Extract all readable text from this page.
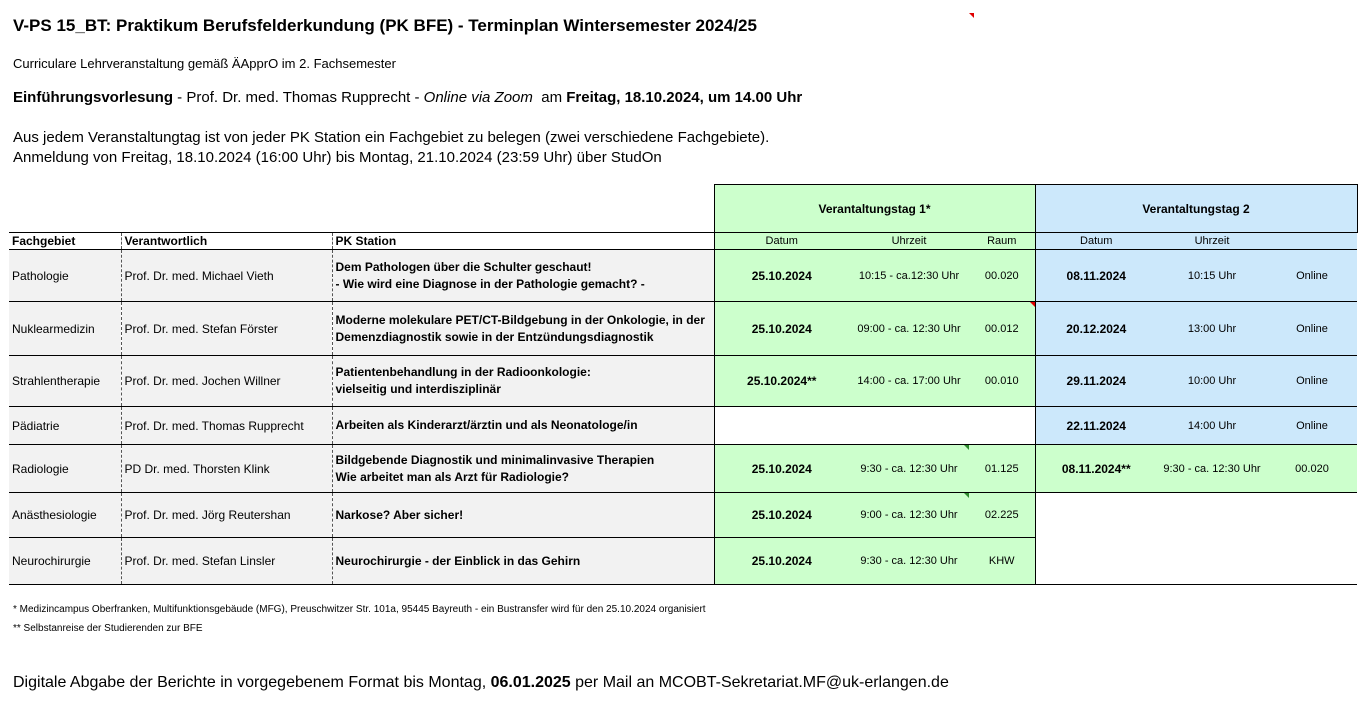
V-PS 15_BT: Praktikum Berufsfelderkundung (PK BFE) - Terminplan Wintersemester 2024/25
Curriculare Lehrveranstaltung gemäß ÄApprO im 2. Fachsemester
Einführungsvorlesung - Prof. Dr. med. Thomas Rupprecht - Online via Zoom  am Freitag, 18.10.2024, um 14.00 Uhr
Aus jedem Veranstaltungtag ist von jeder PK Station ein Fachgebiet zu belegen (zwei verschiedene Fachgebiete).
Anmeldung von Freitag, 18.10.2024 (16:00 Uhr) bis Montag, 21.10.2024 (23:59 Uhr) über StudOn
			Verantaltungstag 1*			Verantaltungstag 2		
Fachgebiet	Verantwortlich	PK Station	Datum	Uhrzeit	Raum	Datum	Uhrzeit	
Pathologie	Prof. Dr. med. Michael Vieth	Dem Pathologen über die Schulter geschaut!
- Wie wird eine Diagnose in der Pathologie gemacht? -	25.10.2024	10:15 - ca.12:30 Uhr	00.020	08.11.2024	10:15 Uhr	Online
Nuklearmedizin	Prof. Dr. med. Stefan Förster	Moderne molekulare PET/CT-Bildgebung in der Onkologie, in der
Demenzdiagnostik sowie in der Entzündungsdiagnostik	25.10.2024	09:00 - ca. 12:30 Uhr	00.012	20.12.2024	13:00 Uhr	Online
Strahlentherapie	Prof. Dr. med. Jochen Willner	Patientenbehandlung in der Radioonkologie:
vielseitig und interdisziplinär	25.10.2024**	14:00 - ca. 17:00 Uhr	00.010	29.11.2024	10:00 Uhr	Online
Pädiatrie	Prof. Dr. med. Thomas Rupprecht	Arbeiten als Kinderarzt/ärztin und als Neonatologe/in				22.11.2024	14:00 Uhr	Online
Radiologie	PD Dr. med. Thorsten Klink	Bildgebende Diagnostik und minimalinvasive Therapien
Wie arbeitet man als Arzt für Radiologie?	25.10.2024	9:30 - ca. 12:30 Uhr	01.125	08.11.2024**	9:30 - ca. 12:30 Uhr	00.020
Anästhesiologie	Prof. Dr. med. Jörg Reutershan	Narkose? Aber sicher!	25.10.2024	9:00 - ca. 12:30 Uhr	02.225			
Neurochirurgie	Prof. Dr. med. Stefan Linsler	Neurochirurgie - der Einblick in das Gehirn	25.10.2024	9:30 - ca. 12:30 Uhr	KHW			
* Medizincampus Oberfranken, Multifunktionsgebäude (MFG), Preuschwitzer Str. 101a, 95445 Bayreuth - ein Bustransfer wird für den 25.10.2024 organisiert
** Selbstanreise der Studierenden zur BFE
Digitale Abgabe der Berichte in vorgegebenem Format bis Montag, 06.01.2025 per Mail an MCOBT-Sekretariat.MF@uk-erlangen.de
